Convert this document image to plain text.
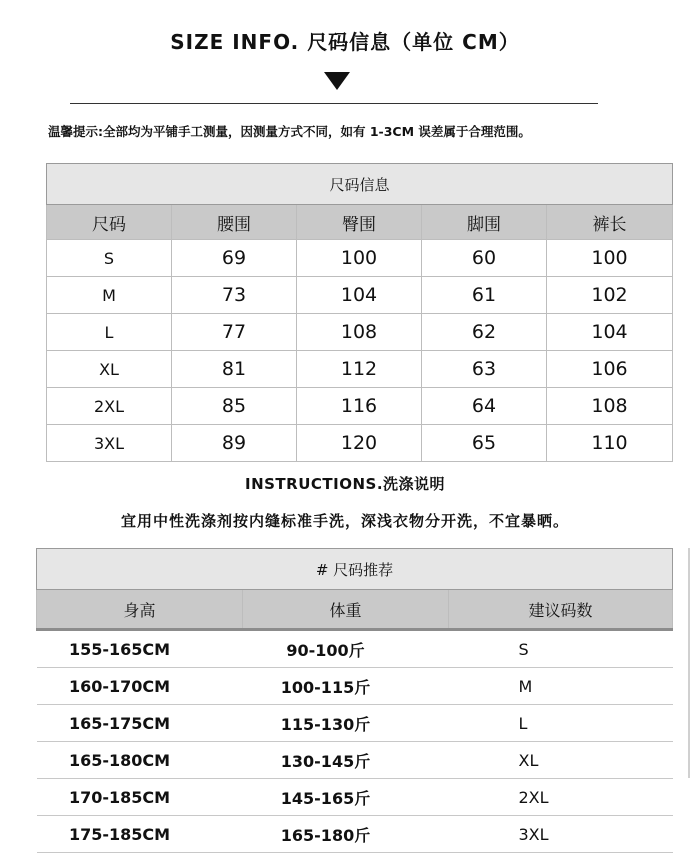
SIZE INFO. 尺码信息（单位 CM）
温馨提示:全部均为平铺手工测量，因测量方式不同，如有 1-3CM 误差属于合理范围。
尺码信息				
尺码	腰围	臀围	脚围	裤长
S	69	100	60	100
M	73	104	61	102
L	77	108	62	104
XL	81	112	63	106
2XL	85	116	64	108
3XL	89	120	65	110
INSTRUCTIONS.洗涤说明
宜用中性洗涤剂按内缝标准手洗，深浅衣物分开洗，不宜暴晒。
# 尺码推荐		
身高	体重	建议码数
155-165CM	90-100斤	S
160-170CM	100-115斤	M
165-175CM	115-130斤	L
165-180CM	130-145斤	XL
170-185CM	145-165斤	2XL
175-185CM	165-180斤	3XL
